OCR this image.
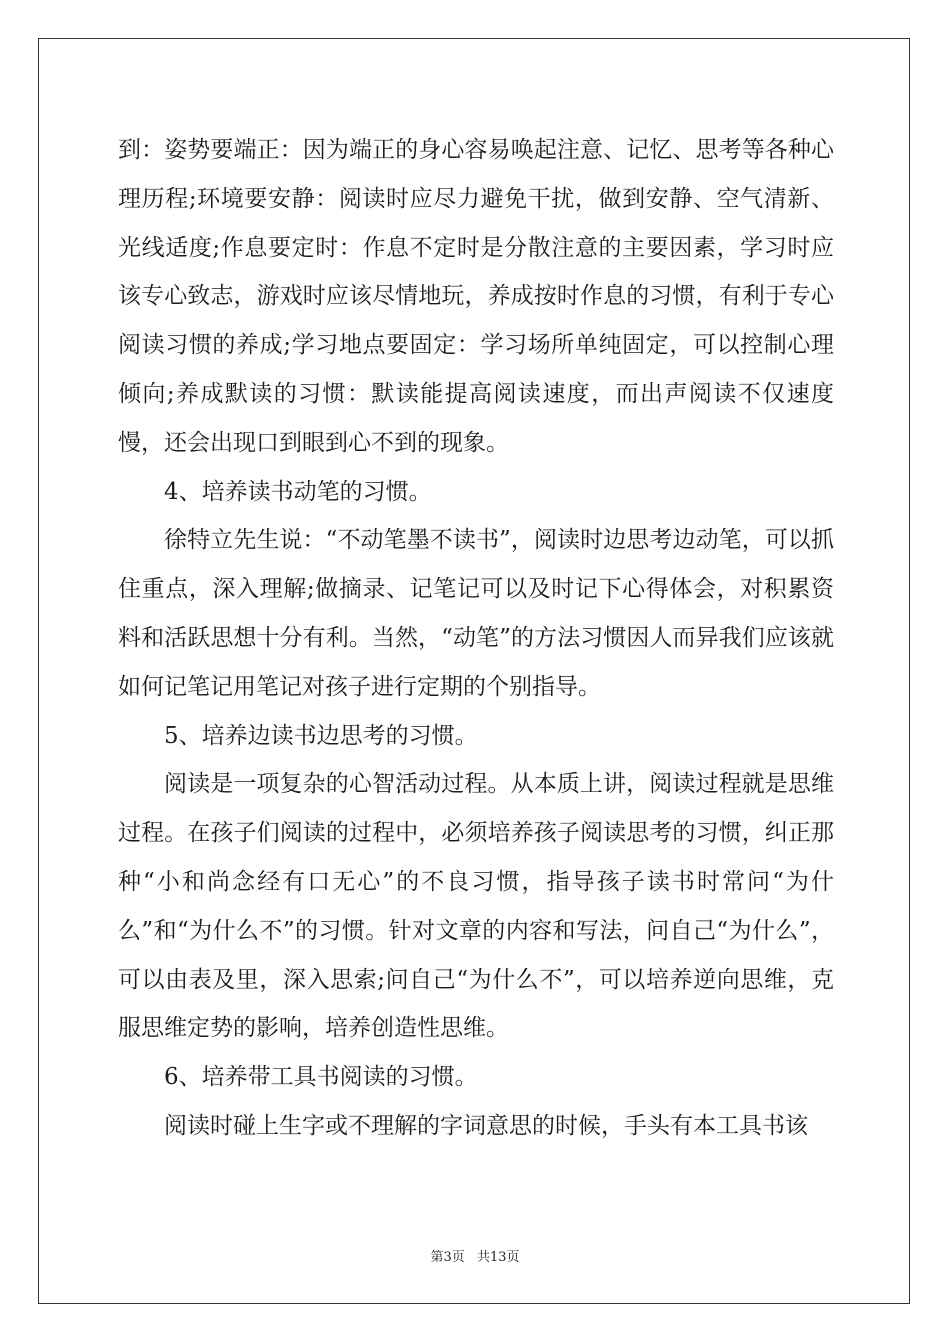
到：姿势要端正：因为端正的身心容易唤起注意、记忆、思考等各种心理历程;环境要安静：阅读时应尽力避免干扰，做到安静、空气清新、光线适度;作息要定时：作息不定时是分散注意的主要因素，学习时应该专心致志，游戏时应该尽情地玩，养成按时作息的习惯，有利于专心阅读习惯的养成;学习地点要固定：学习场所单纯固定，可以控制心理倾向;养成默读的习惯：默读能提高阅读速度，而出声阅读不仅速度慢，还会出现口到眼到心不到的现象。

4、培养读书动笔的习惯。

徐特立先生说：“不动笔墨不读书”，阅读时边思考边动笔，可以抓住重点，深入理解;做摘录、记笔记可以及时记下心得体会，对积累资料和活跃思想十分有利。当然，“动笔”的方法习惯因人而异我们应该就如何记笔记用笔记对孩子进行定期的个别指导。

5、培养边读书边思考的习惯。

阅读是一项复杂的心智活动过程。从本质上讲，阅读过程就是思维过程。在孩子们阅读的过程中，必须培养孩子阅读思考的习惯，纠正那种“小和尚念经有口无心”的不良习惯，指导孩子读书时常问“为什么”和“为什么不”的习惯。针对文章的内容和写法，问自己“为什么”，可以由表及里，深入思索;问自己“为什么不”，可以培养逆向思维，克服思维定势的影响，培养创造性思维。

6、培养带工具书阅读的习惯。

阅读时碰上生字或不理解的字词意思的时候，手头有本工具书该

第3页 共13页
